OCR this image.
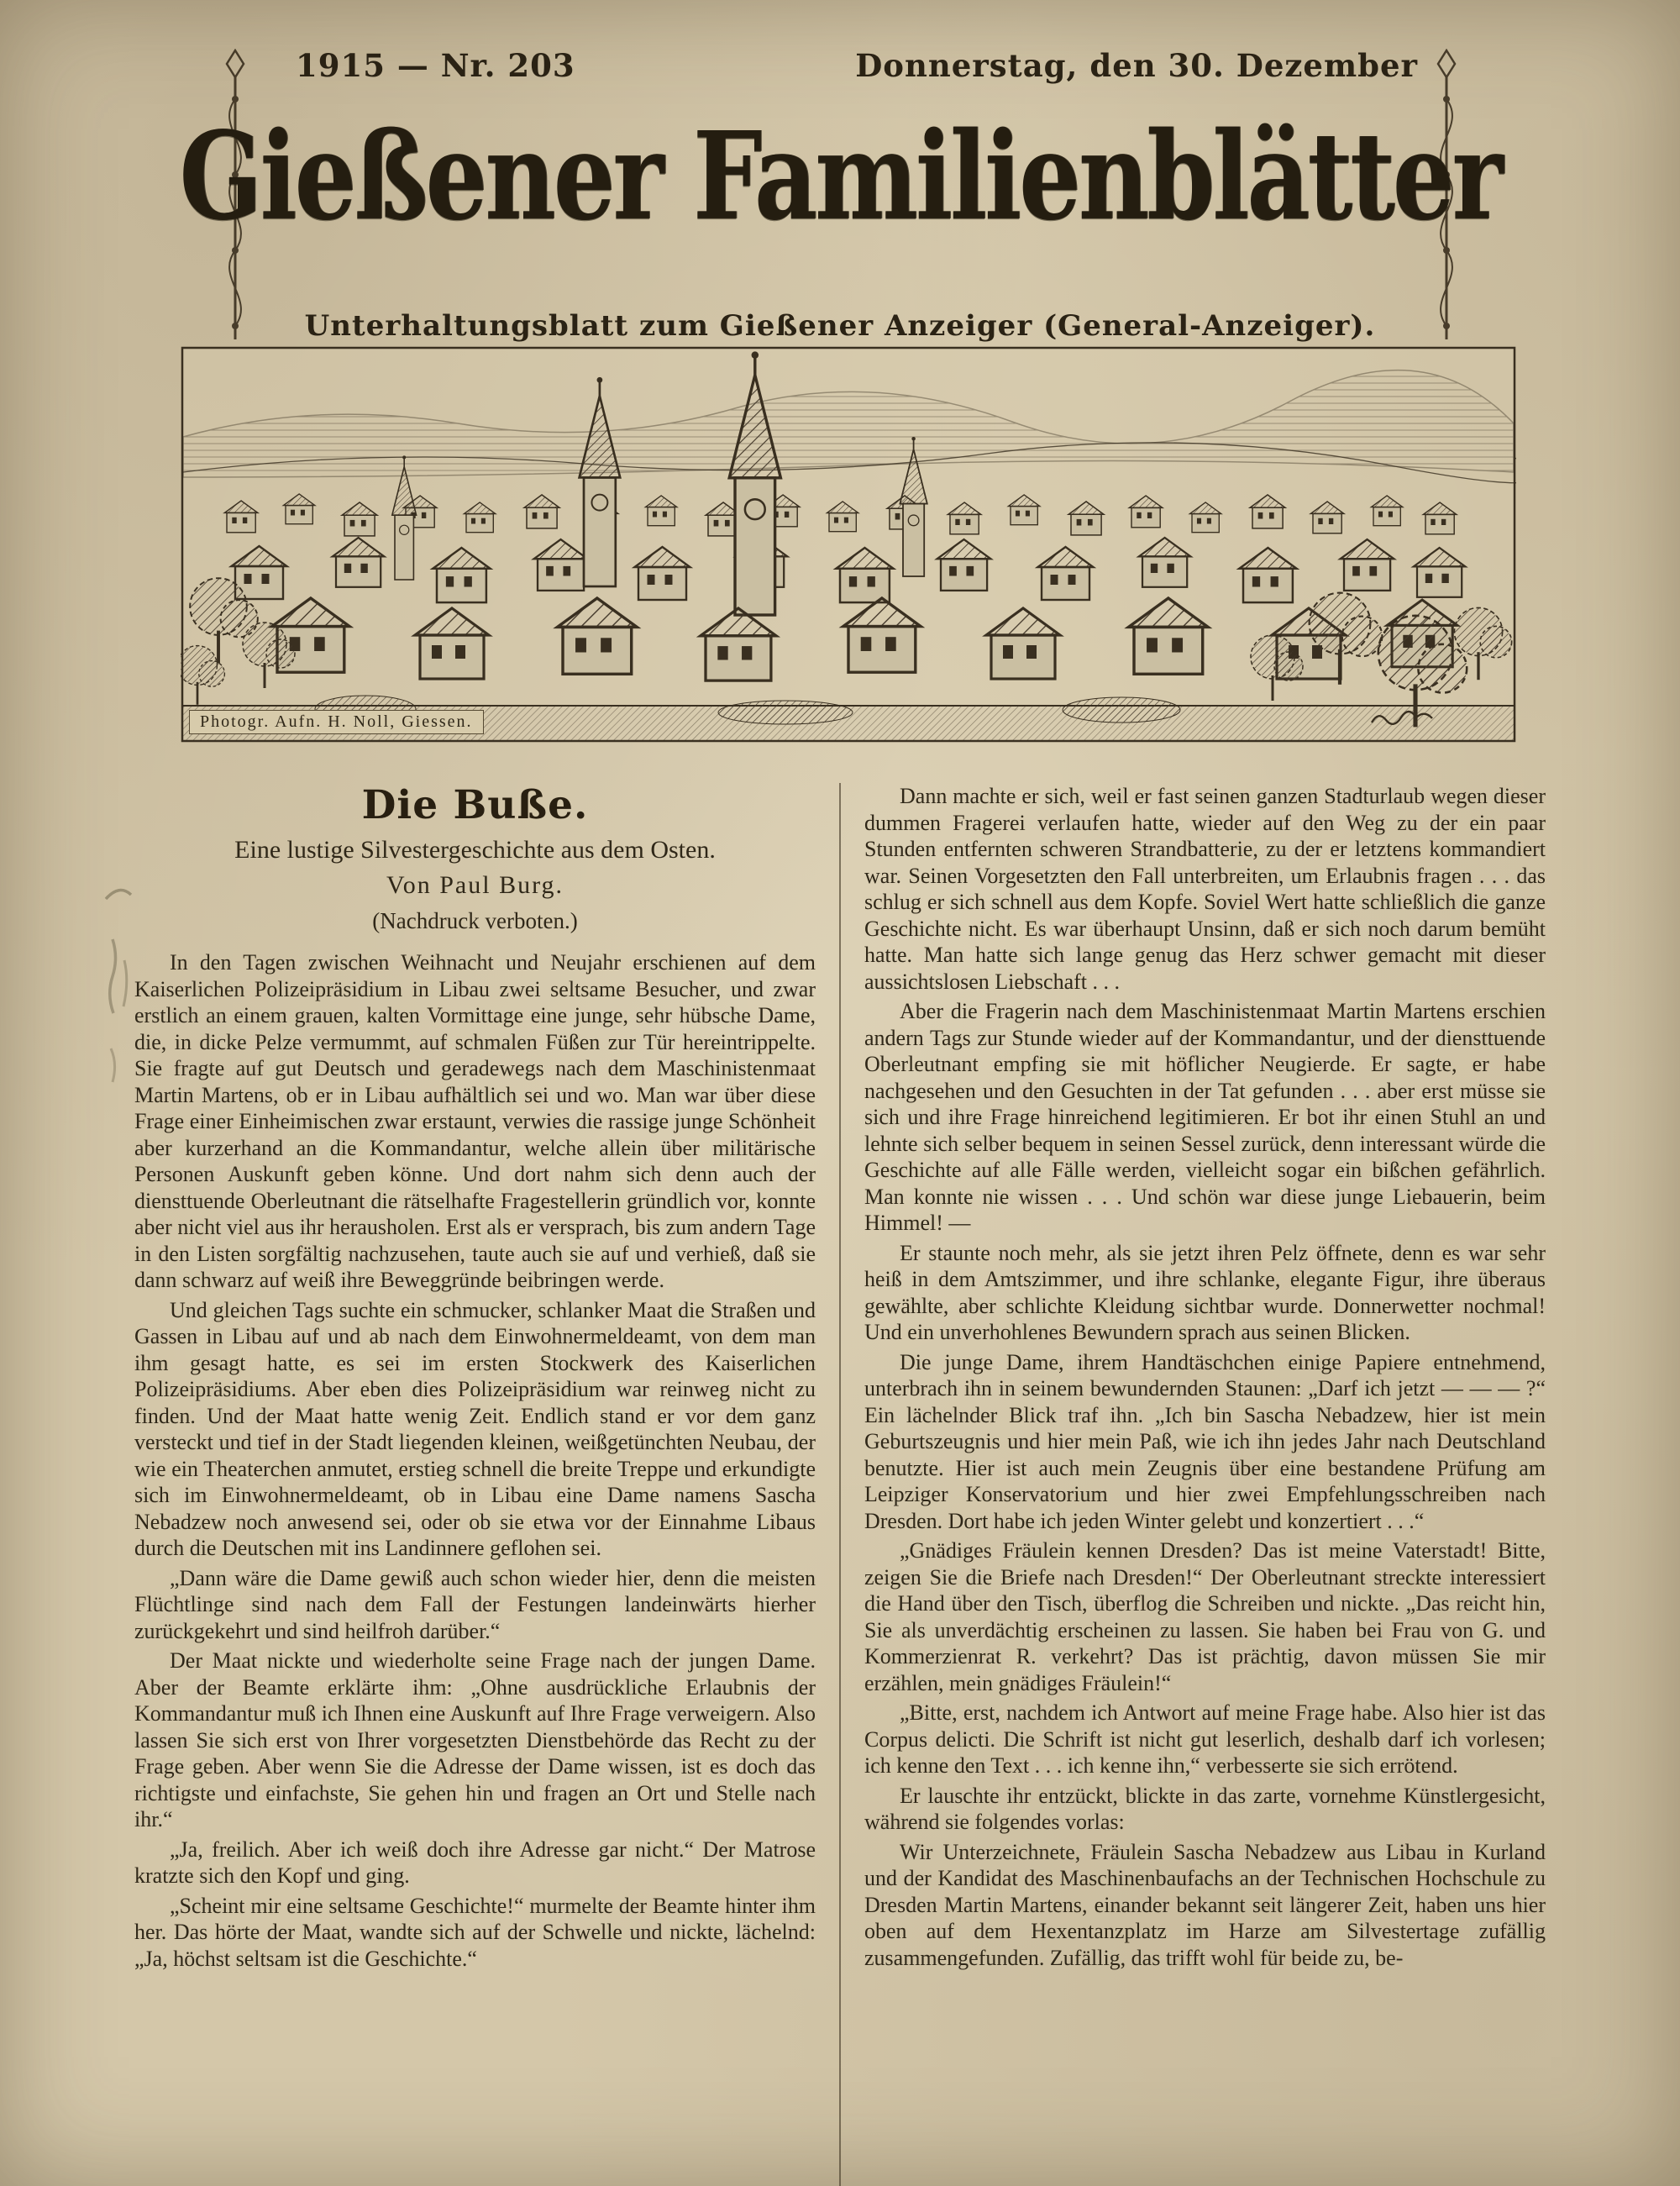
1915 — Nr. 203	Donnerstag, den 30. Dezember
Gießener Familienblätter
Unterhaltungsblatt zum Gießener Anzeiger (General-Anzeiger).
Photogr. Aufn. H. Noll, Giessen.
Die Buße.
Eine lustige Silvestergeschichte aus dem Osten.
Von Paul Burg.
(Nachdruck verboten.)

In den Tagen zwischen Weihnacht und Neujahr erschienen auf dem Kaiserlichen Polizeipräsidium in Libau zwei seltsame Besucher, und zwar erstlich an einem grauen, kalten Vormittage eine junge, sehr hübsche Dame, die, in dicke Pelze vermummt, auf schmalen Füßen zur Tür hereintrippelte. Sie fragte auf gut Deutsch und geradewegs nach dem Maschinistenmaat Martin Martens, ob er in Libau aufhältlich sei und wo. Man war über diese Frage einer Einheimischen zwar erstaunt, verwies die rassige junge Schönheit aber kurzerhand an die Kommandantur, welche allein über militärische Personen Auskunft geben könne. Und dort nahm sich denn auch der diensttuende Oberleutnant die rätselhafte Fragestellerin gründlich vor, konnte aber nicht viel aus ihr herausholen. Erst als er versprach, bis zum andern Tage in den Listen sorgfältig nachzusehen, taute auch sie auf und verhieß, daß sie dann schwarz auf weiß ihre Beweggründe beibringen werde.

Und gleichen Tags suchte ein schmucker, schlanker Maat die Straßen und Gassen in Libau auf und ab nach dem Einwohnermeldeamt, von dem man ihm gesagt hatte, es sei im ersten Stockwerk des Kaiserlichen Polizeipräsidiums. Aber eben dies Polizeipräsidium war reinweg nicht zu finden. Und der Maat hatte wenig Zeit. Endlich stand er vor dem ganz versteckt und tief in der Stadt liegenden kleinen, weißgetünchten Neubau, der wie ein Theaterchen anmutet, erstieg schnell die breite Treppe und erkundigte sich im Einwohnermeldeamt, ob in Libau eine Dame namens Sascha Nebadzew noch anwesend sei, oder ob sie etwa vor der Einnahme Libaus durch die Deutschen mit ins Landinnere geflohen sei.

„Dann wäre die Dame gewiß auch schon wieder hier, denn die meisten Flüchtlinge sind nach dem Fall der Festungen landeinwärts hierher zurückgekehrt und sind heilfroh darüber.“

Der Maat nickte und wiederholte seine Frage nach der jungen Dame. Aber der Beamte erklärte ihm: „Ohne ausdrückliche Erlaubnis der Kommandantur muß ich Ihnen eine Auskunft auf Ihre Frage verweigern. Also lassen Sie sich erst von Ihrer vorgesetzten Dienstbehörde das Recht zu der Frage geben. Aber wenn Sie die Adresse der Dame wissen, ist es doch das richtigste und einfachste, Sie gehen hin und fragen an Ort und Stelle nach ihr.“

„Ja, freilich. Aber ich weiß doch ihre Adresse gar nicht.“ Der Matrose kratzte sich den Kopf und ging.

„Scheint mir eine seltsame Geschichte!“ murmelte der Beamte hinter ihm her. Das hörte der Maat, wandte sich auf der Schwelle und nickte, lächelnd: „Ja, höchst seltsam ist die Geschichte.“

Dann machte er sich, weil er fast seinen ganzen Stadturlaub wegen dieser dummen Fragerei verlaufen hatte, wieder auf den Weg zu der ein paar Stunden entfernten schweren Strandbatterie, zu der er letztens kommandiert war. Seinen Vorgesetzten den Fall unterbreiten, um Erlaubnis fragen . . . das schlug er sich schnell aus dem Kopfe. Soviel Wert hatte schließlich die ganze Geschichte nicht. Es war überhaupt Unsinn, daß er sich noch darum bemüht hatte. Man hatte sich lange genug das Herz schwer gemacht mit dieser aussichtslosen Liebschaft . . .

Aber die Fragerin nach dem Maschinistenmaat Martin Martens erschien andern Tags zur Stunde wieder auf der Kommandantur, und der diensttuende Oberleutnant empfing sie mit höflicher Neugierde. Er sagte, er habe nachgesehen und den Gesuchten in der Tat gefunden . . . aber erst müsse sie sich und ihre Frage hinreichend legitimieren. Er bot ihr einen Stuhl an und lehnte sich selber bequem in seinen Sessel zurück, denn interessant würde die Geschichte auf alle Fälle werden, vielleicht sogar ein bißchen gefährlich. Man konnte nie wissen . . . Und schön war diese junge Liebauerin, beim Himmel! —

Er staunte noch mehr, als sie jetzt ihren Pelz öffnete, denn es war sehr heiß in dem Amtszimmer, und ihre schlanke, elegante Figur, ihre überaus gewählte, aber schlichte Kleidung sichtbar wurde. Donnerwetter nochmal! Und ein unverhohlenes Bewundern sprach aus seinen Blicken.

Die junge Dame, ihrem Handtäschchen einige Papiere entnehmend, unterbrach ihn in seinem bewundernden Staunen: „Darf ich jetzt — — — ?“ Ein lächelnder Blick traf ihn. „Ich bin Sascha Nebadzew, hier ist mein Geburtszeugnis und hier mein Paß, wie ich ihn jedes Jahr nach Deutschland benutzte. Hier ist auch mein Zeugnis über eine bestandene Prüfung am Leipziger Konservatorium und hier zwei Empfehlungsschreiben nach Dresden. Dort habe ich jeden Winter gelebt und konzertiert . . .“

„Gnädiges Fräulein kennen Dresden? Das ist meine Vaterstadt! Bitte, zeigen Sie die Briefe nach Dresden!“ Der Oberleutnant streckte interessiert die Hand über den Tisch, überflog die Schreiben und nickte. „Das reicht hin, Sie als unverdächtig erscheinen zu lassen. Sie haben bei Frau von G. und Kommerzienrat R. verkehrt? Das ist prächtig, davon müssen Sie mir erzählen, mein gnädiges Fräulein!“

„Bitte, erst, nachdem ich Antwort auf meine Frage habe. Also hier ist das Corpus delicti. Die Schrift ist nicht gut leserlich, deshalb darf ich vorlesen; ich kenne den Text . . . ich kenne ihn,“ verbesserte sie sich errötend.

Er lauschte ihr entzückt, blickte in das zarte, vornehme Künstlergesicht, während sie folgendes vorlas:

Wir Unterzeichnete, Fräulein Sascha Nebadzew aus Libau in Kurland und der Kandidat des Maschinenbaufachs an der Technischen Hochschule zu Dresden Martin Martens, einander bekannt seit längerer Zeit, haben uns hier oben auf dem Hexentanzplatz im Harze am Silvestertage zufällig zusammengefunden. Zufällig, das trifft wohl für beide zu, be-
